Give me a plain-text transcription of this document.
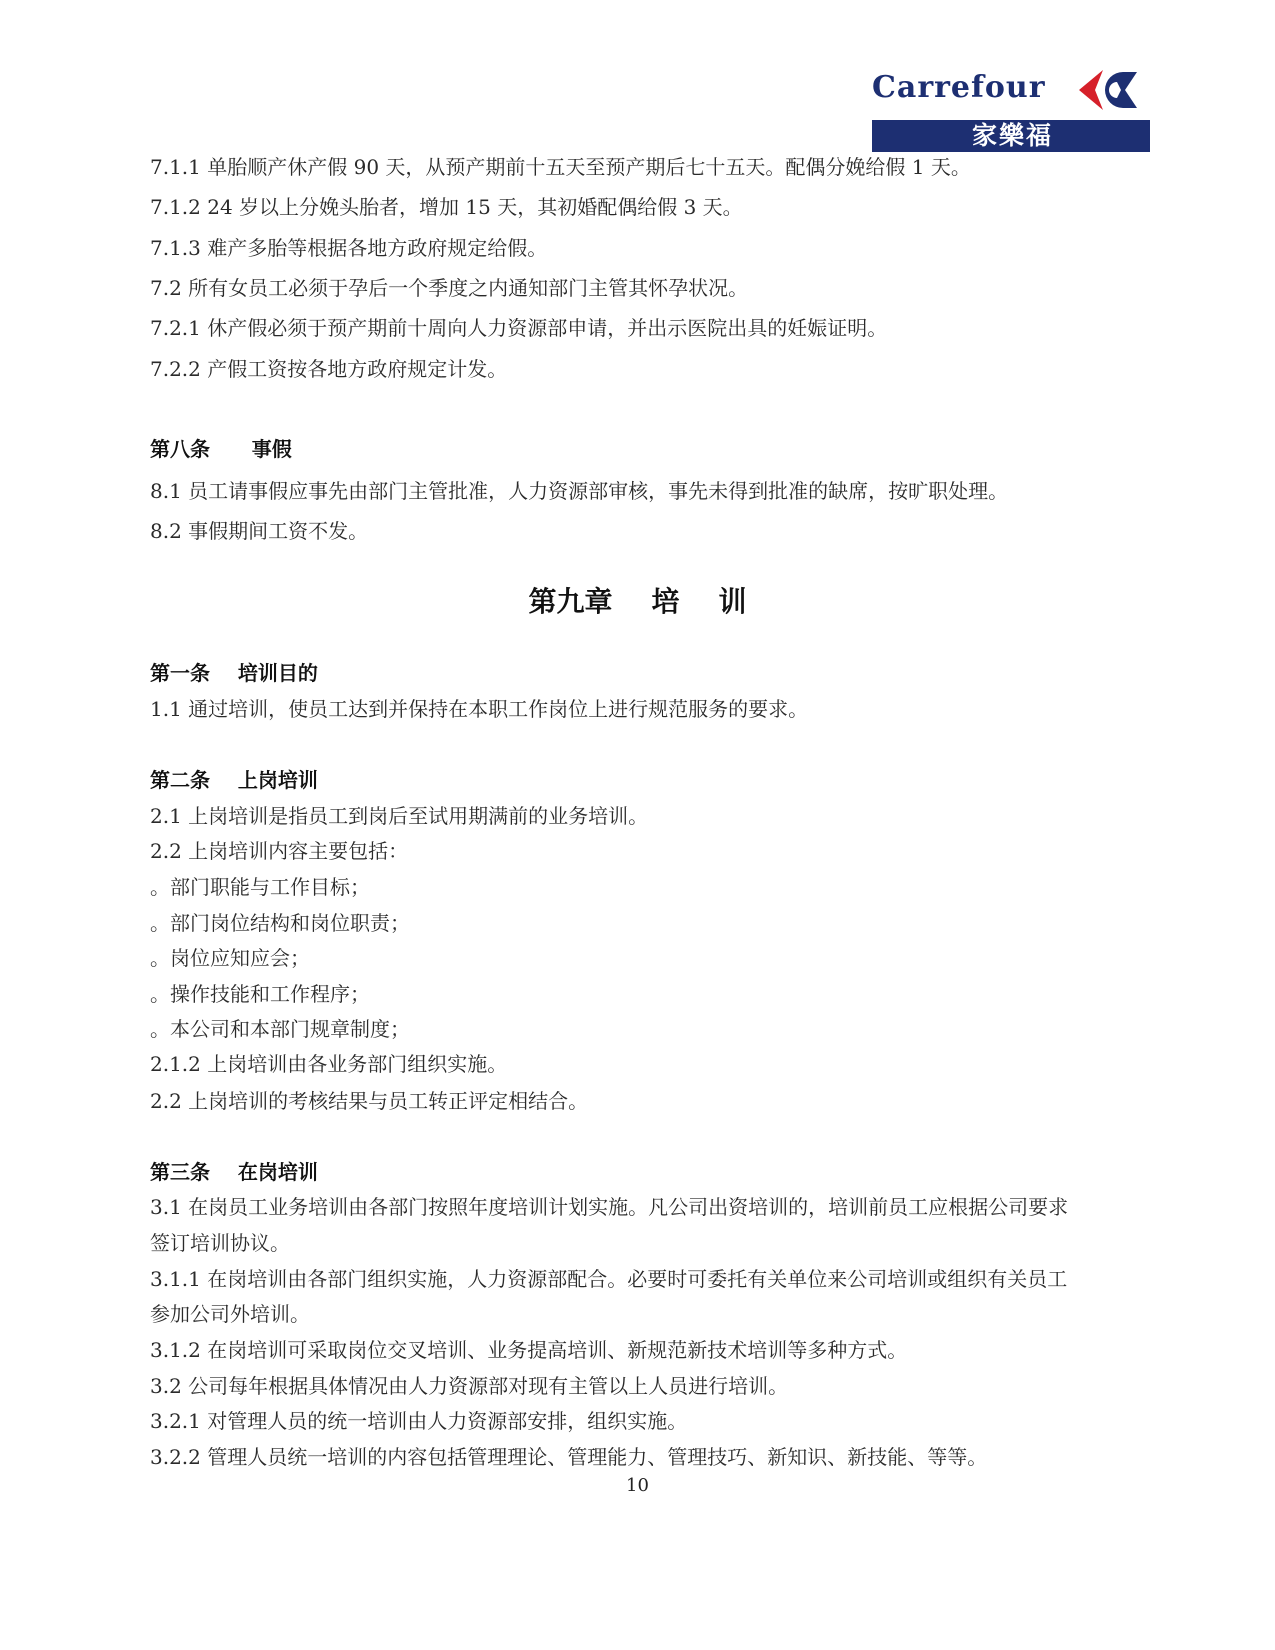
Carrefour
家樂福
7.1.1 单胎顺产休产假 90 天，从预产期前十五天至预产期后七十五天。配偶分娩给假 1 天。
7.1.2 24 岁以上分娩头胎者，增加 15 天，其初婚配偶给假 3 天。
7.1.3 难产多胎等根据各地方政府规定给假。
7.2 所有女员工必须于孕后一个季度之内通知部门主管其怀孕状况。
7.2.1 休产假必须于预产期前十周向人力资源部申请，并出示医院出具的妊娠证明。
7.2.2 产假工资按各地方政府规定计发。
第八条      事假
8.1 员工请事假应事先由部门主管批准，人力资源部审核，事先未得到批准的缺席，按旷职处理。
8.2 事假期间工资不发。
第九章    培    训
第一条    培训目的
1.1 通过培训，使员工达到并保持在本职工作岗位上进行规范服务的要求。
第二条    上岗培训
2.1 上岗培训是指员工到岗后至试用期满前的业务培训。
2.2 上岗培训内容主要包括：
。部门职能与工作目标；
。部门岗位结构和岗位职责；
。岗位应知应会；
。操作技能和工作程序；
。本公司和本部门规章制度；
2.1.2 上岗培训由各业务部门组织实施。
2.2 上岗培训的考核结果与员工转正评定相结合。
第三条    在岗培训
3.1 在岗员工业务培训由各部门按照年度培训计划实施。凡公司出资培训的，培训前员工应根据公司要求
签订培训协议。
3.1.1 在岗培训由各部门组织实施，人力资源部配合。必要时可委托有关单位来公司培训或组织有关员工
参加公司外培训。
3.1.2 在岗培训可采取岗位交叉培训、业务提高培训、新规范新技术培训等多种方式。
3.2 公司每年根据具体情况由人力资源部对现有主管以上人员进行培训。
3.2.1 对管理人员的统一培训由人力资源部安排，组织实施。
3.2.2 管理人员统一培训的内容包括管理理论、管理能力、管理技巧、新知识、新技能、等等。
10
